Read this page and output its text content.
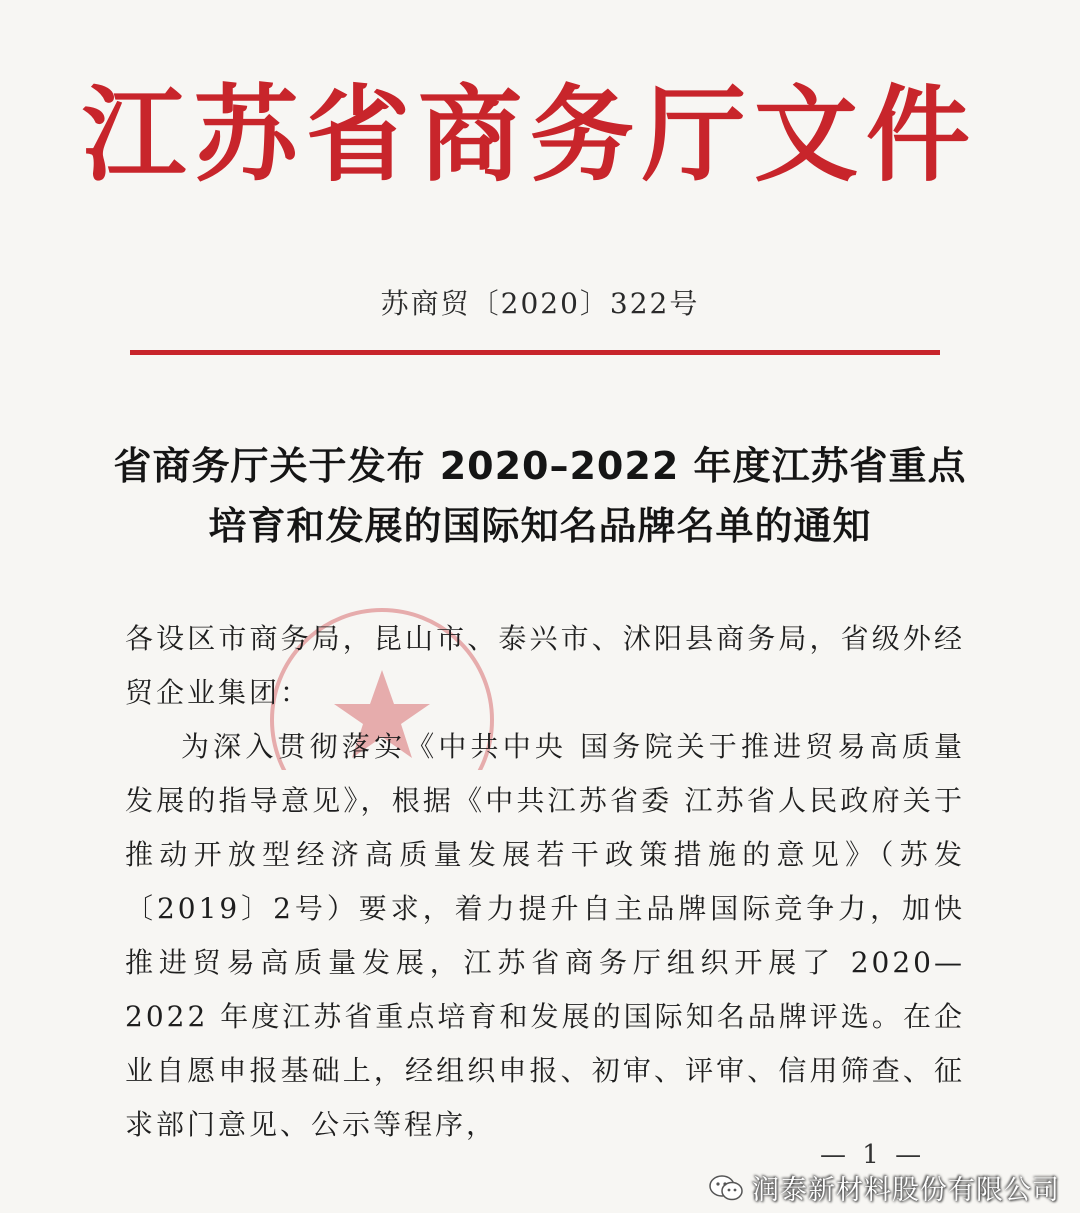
江苏省商务厅文件
苏商贸〔2020〕322号
省商务厅关于发布 2020–2022 年度江苏省重点
培育和发展的国际知名品牌名单的通知

各设区市商务局，昆山市、泰兴市、沭阳县商务局，省级外经贸企业集团：

为深入贯彻落实《中共中央 国务院关于推进贸易高质量发展的指导意见》，根据《中共江苏省委 江苏省人民政府关于推动开放型经济高质量发展若干政策措施的意见》（苏发〔2019〕2号）要求，着力提升自主品牌国际竞争力，加快推进贸易高质量发展，江苏省商务厅组织开展了 2020—2022 年度江苏省重点培育和发展的国际知名品牌评选。在企业自愿申报基础上，经组织申报、初审、评审、信用筛查、征求部门意见、公示等程序，

— 1 —
润泰新材料股份有限公司
